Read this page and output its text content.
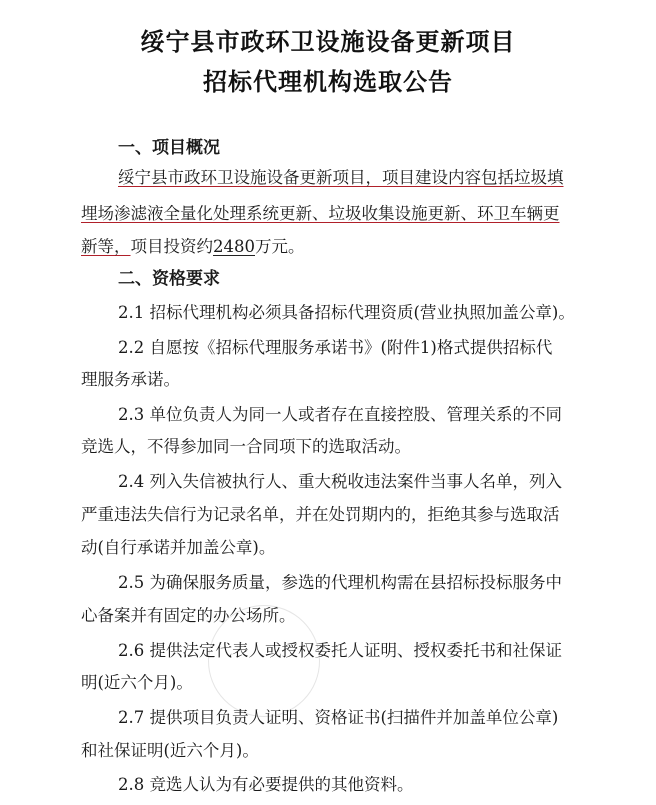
绥宁县市政环卫设施设备更新项目
招标代理机构选取公告
一、项目概况
绥宁县市政环卫设施设备更新项目，项目建设内容包括垃圾填
埋场渗滤液全量化处理系统更新、垃圾收集设施更新、环卫车辆更
新等，项目投资约2480万元。
二、资格要求
2.1 招标代理机构必须具备招标代理资质(营业执照加盖公章)。
2.2 自愿按《招标代理服务承诺书》(附件1)格式提供招标代
理服务承诺。
2.3 单位负责人为同一人或者存在直接控股、管理关系的不同
竞选人，不得参加同一合同项下的选取活动。
2.4 列入失信被执行人、重大税收违法案件当事人名单，列入
严重违法失信行为记录名单，并在处罚期内的，拒绝其参与选取活
动(自行承诺并加盖公章)。
2.5 为确保服务质量，参选的代理机构需在县招标投标服务中
心备案并有固定的办公场所。
2.6 提供法定代表人或授权委托人证明、授权委托书和社保证
明(近六个月)。
2.7 提供项目负责人证明、资格证书(扫描件并加盖单位公章)
和社保证明(近六个月)。
2.8 竞选人认为有必要提供的其他资料。
